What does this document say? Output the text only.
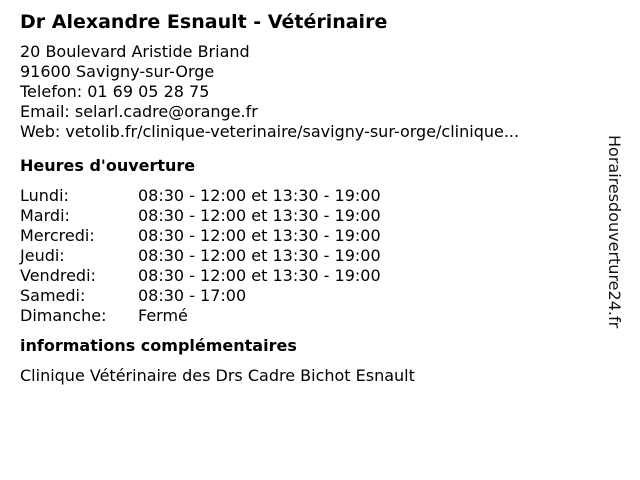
Dr Alexandre Esnault - Vétérinaire
20 Boulevard Aristide Briand
91600 Savigny-sur-Orge
Telefon: 01 69 05 28 75
Email: selarl.cadre@orange.fr
Web: vetolib.fr/clinique-veterinaire/savigny-sur-orge/clinique...
Heures d'ouverture
Lundi:	08:30 - 12:00 et 13:30 - 19:00
Mardi:	08:30 - 12:00 et 13:30 - 19:00
Mercredi:	08:30 - 12:00 et 13:30 - 19:00
Jeudi:	08:30 - 12:00 et 13:30 - 19:00
Vendredi:	08:30 - 12:00 et 13:30 - 19:00
Samedi:	08:30 - 17:00
Dimanche:	Fermé
informations complémentaires
Clinique Vétérinaire des Drs Cadre Bichot Esnault
Horairesdouverture24.fr
